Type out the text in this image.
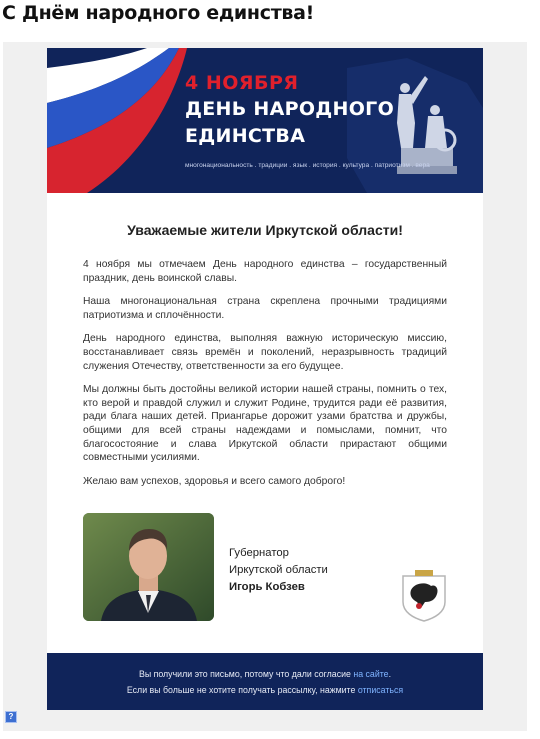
С Днём народного единства!

4 НОЯБРЯ

ДЕНЬ НАРОДНОГО

ЕДИНСТВА

многонациональность . традиции . язык . история . культура . патриотизм . вера

Уважаемые жители Иркутской области!

4 ноября мы отмечаем День народного единства – государственный праздник, день воинской славы.

Наша многонациональная страна скреплена прочными традициями патриотизма и сплочённости.

День народного единства, выполняя важную историческую миссию, восстанавливает связь времён и поколений, неразрывность традиций служения Отечеству, ответственности за его будущее.

Мы должны быть достойны великой истории нашей страны, помнить о тех, кто верой и правдой служил и служит Родине, трудится ради её развития, ради блага наших детей. Приангарье дорожит узами братства и дружбы, общими для всей страны надеждами и помыслами, помнит, что благосостояние и слава Иркутской области прирастают общими совместными усилиями.

Желаю вам успехов, здоровья и всего самого доброго!

Губернатор
Иркутской области
Игорь Кобзев
Вы получили это письмо, потому что дали согласие на сайте.
Если вы больше не хотите получать рассылку, нажмите отписаться
?
